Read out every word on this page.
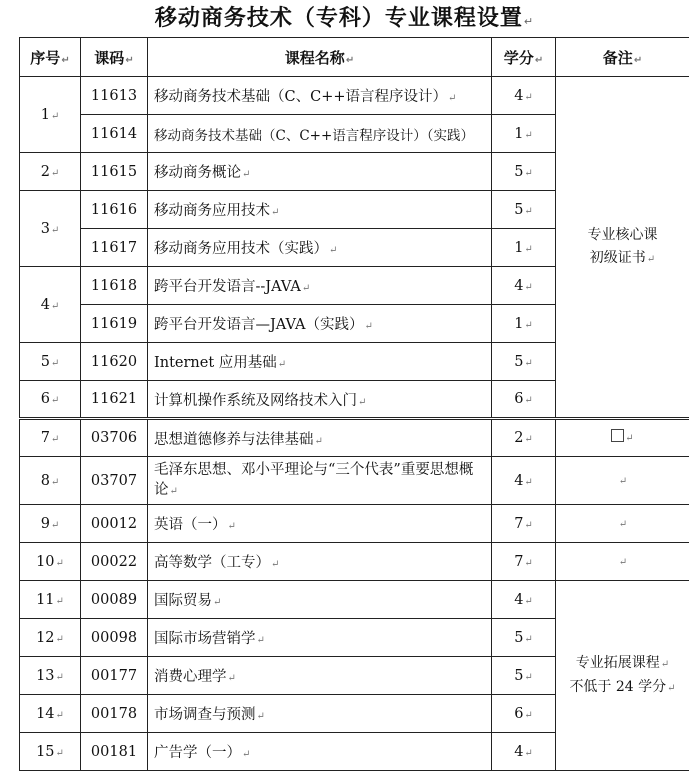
移动商务技术（专科）专业课程设置↵
序号↵	课码↵	课程名称↵	学分↵	备注↵
1↵	11613	移动商务技术基础（C、C++语言程序设计）↵	4↵	专业核心课
初级证书↵
	11614	移动商务技术基础（C、C++语言程序设计）（实践）	1↵	
2↵	11615	移动商务概论↵	5↵	
3↵	11616	移动商务应用技术↵	5↵	
	11617	移动商务应用技术（实践）↵	1↵	
4↵	11618	跨平台开发语言--JAVA↵	4↵	
	11619	跨平台开发语言—JAVA（实践）↵	1↵	
5↵	11620	Internet 应用基础↵	5↵	
6↵	11621	计算机操作系统及网络技术入门↵	6↵	
7↵	03706	思想道德修养与法律基础↵	2↵	↵
8↵	03707	毛泽东思想、邓小平理论与“三个代表”重要思想概论↵	4↵	↵
9↵	00012	英语（一）↵	7↵	↵
10↵	00022	高等数学（工专）↵	7↵	↵
11↵	00089	国际贸易↵	4↵	专业拓展课程↵
不低于 24 学分↵
12↵	00098	国际市场营销学↵	5↵	
13↵	00177	消费心理学↵	5↵	
14↵	00178	市场调查与预测↵	6↵	
15↵	00181	广告学（一）↵	4↵	
